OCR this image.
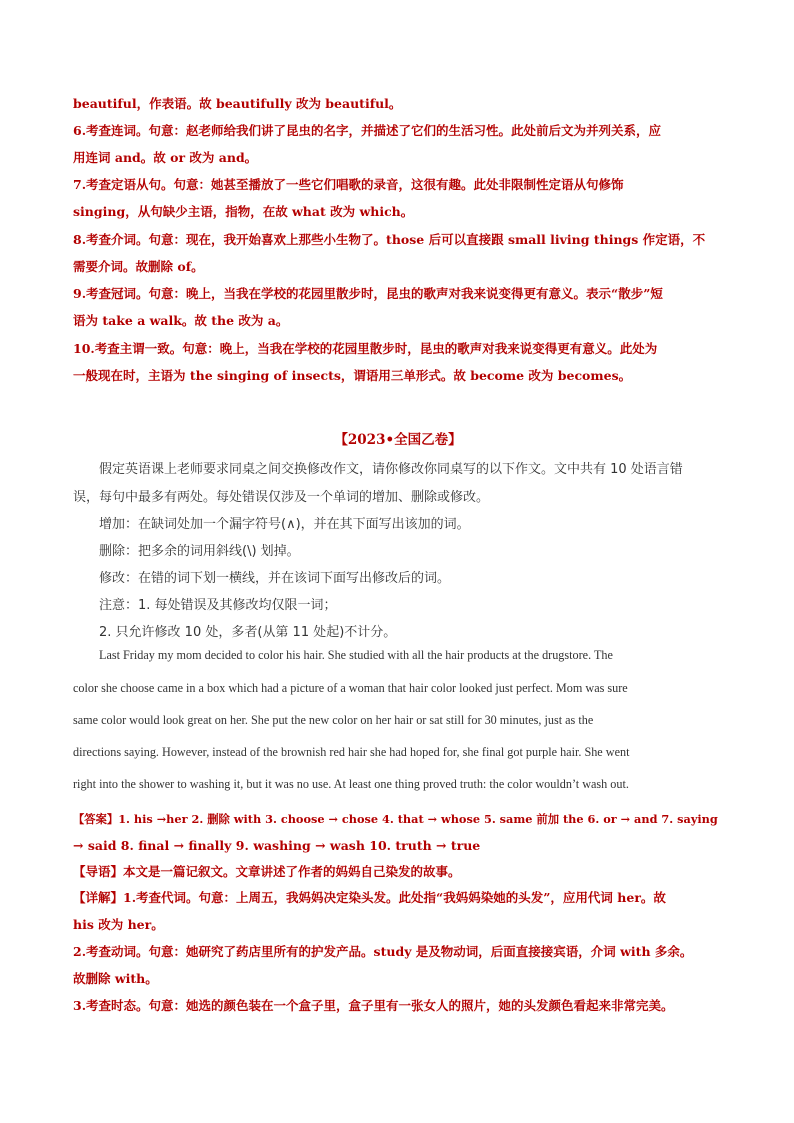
beautiful，作表语。故 beautifully 改为 beautiful。
6.考查连词。句意：赵老师给我们讲了昆虫的名字，并描述了它们的生活习性。此处前后文为并列关系，应
用连词 and。故 or 改为 and。
7.考查定语从句。句意：她甚至播放了一些它们唱歌的录音，这很有趣。此处非限制性定语从句修饰
singing，从句缺少主语，指物，在故 what 改为 which。
8.考查介词。句意：现在，我开始喜欢上那些小生物了。those 后可以直接跟 small living things 作定语，不
需要介词。故删除 of。
9.考查冠词。句意：晚上，当我在学校的花园里散步时，昆虫的歌声对我来说变得更有意义。表示“散步”短
语为 take a walk。故 the 改为 a。
10.考查主谓一致。句意：晚上，当我在学校的花园里散步时，昆虫的歌声对我来说变得更有意义。此处为
一般现在时，主语为 the singing of insects，谓语用三单形式。故 become 改为 becomes。
【2023•全国乙卷】
假定英语课上老师要求同桌之间交换修改作文，请你修改你同桌写的以下作文。文中共有 10 处语言错
误，每句中最多有两处。每处错误仅涉及一个单词的增加、删除或修改。
增加：在缺词处加一个漏字符号(∧)，并在其下面写出该加的词。
删除：把多余的词用斜线(\) 划掉。
修改：在错的词下划一横线，并在该词下面写出修改后的词。
注意：1. 每处错误及其修改均仅限一词；
2. 只允许修改 10 处，多者(从第 11 处起)不计分。
Last Friday my mom decided to color his hair. She studied with all the hair products at the drugstore. The
color she choose came in a box which had a picture of a woman that hair color looked just perfect. Mom was sure
same color would look great on her. She put the new color on her hair or sat still for 30 minutes, just as the
directions saying. However, instead of the brownish red hair she had hoped for, she final got purple hair. She went
right into the shower to washing it, but it was no use. At least one thing proved truth: the color wouldn’t wash out.
【答案】1. his →her 2. 删除 with 3. choose → chose 4. that → whose 5. same 前加 the 6. or → and 7. saying
→ said 8. final → finally 9. washing → wash 10. truth → true
【导语】本文是一篇记叙文。文章讲述了作者的妈妈自己染发的故事。
【详解】1.考查代词。句意：上周五，我妈妈决定染头发。此处指“我妈妈染她的头发”，应用代词 her。故
his 改为 her。
2.考查动词。句意：她研究了药店里所有的护发产品。study 是及物动词，后面直接接宾语，介词 with 多余。
故删除 with。
3.考查时态。句意：她选的颜色装在一个盒子里，盒子里有一张女人的照片，她的头发颜色看起来非常完美。
